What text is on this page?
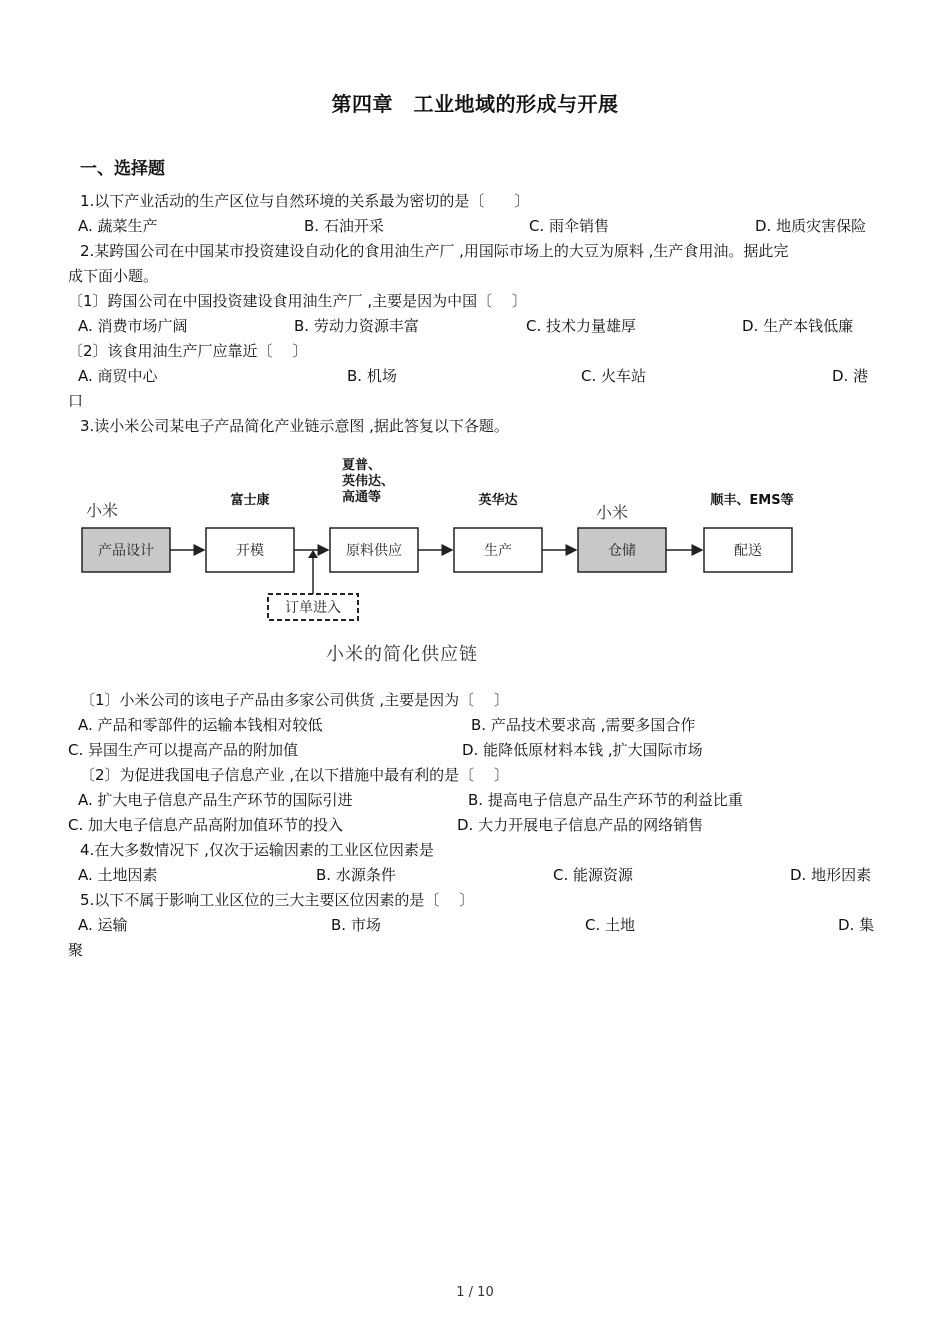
第四章　工业地域的形成与开展
一、选择题
1.以下产业活动的生产区位与自然环境的关系最为密切的是〔　　〕
A. 蔬菜生产	B. 石油开采	C. 雨伞销售	D. 地质灾害保险
2.某跨国公司在中国某市投资建设自动化的食用油生产厂 ,用国际市场上的大豆为原料 ,生产食用油。据此完
成下面小题。
〔1〕跨国公司在中国投资建设食用油生产厂 ,主要是因为中国〔　 〕
A. 消费市场广阔	B. 劳动力资源丰富	C. 技术力量雄厚	D. 生产本钱低廉
〔2〕该食用油生产厂应靠近〔　 〕
A. 商贸中心	B. 机场	C. 火车站	D. 港
口
3.读小米公司某电子产品简化产业链示意图 ,据此答复以下各题。
产品设计	开模	原料供应	生产	仓储	配送
订单进入
小米
富士康
夏普、
英伟达、
高通等	英华达
小米
顺丰、EMS等
小米的简化供应链
〔1〕小米公司的该电子产品由多家公司供货 ,主要是因为〔　 〕
A. 产品和零部件的运输本钱相对较低	B. 产品技术要求高 ,需要多国合作
C. 异国生产可以提高产品的附加值	D. 能降低原材料本钱 ,扩大国际市场
〔2〕为促进我国电子信息产业 ,在以下措施中最有利的是〔　 〕
A. 扩大电子信息产品生产环节的国际引进	B. 提高电子信息产品生产环节的利益比重
C. 加大电子信息产品高附加值环节的投入	D. 大力开展电子信息产品的网络销售
4.在大多数情况下 ,仅次于运输因素的工业区位因素是
A. 土地因素	B. 水源条件	C. 能源资源	D. 地形因素
5.以下不属于影响工业区位的三大主要区位因素的是〔　 〕
A. 运输	B. 市场	C. 土地	D. 集
聚
1 / 10
